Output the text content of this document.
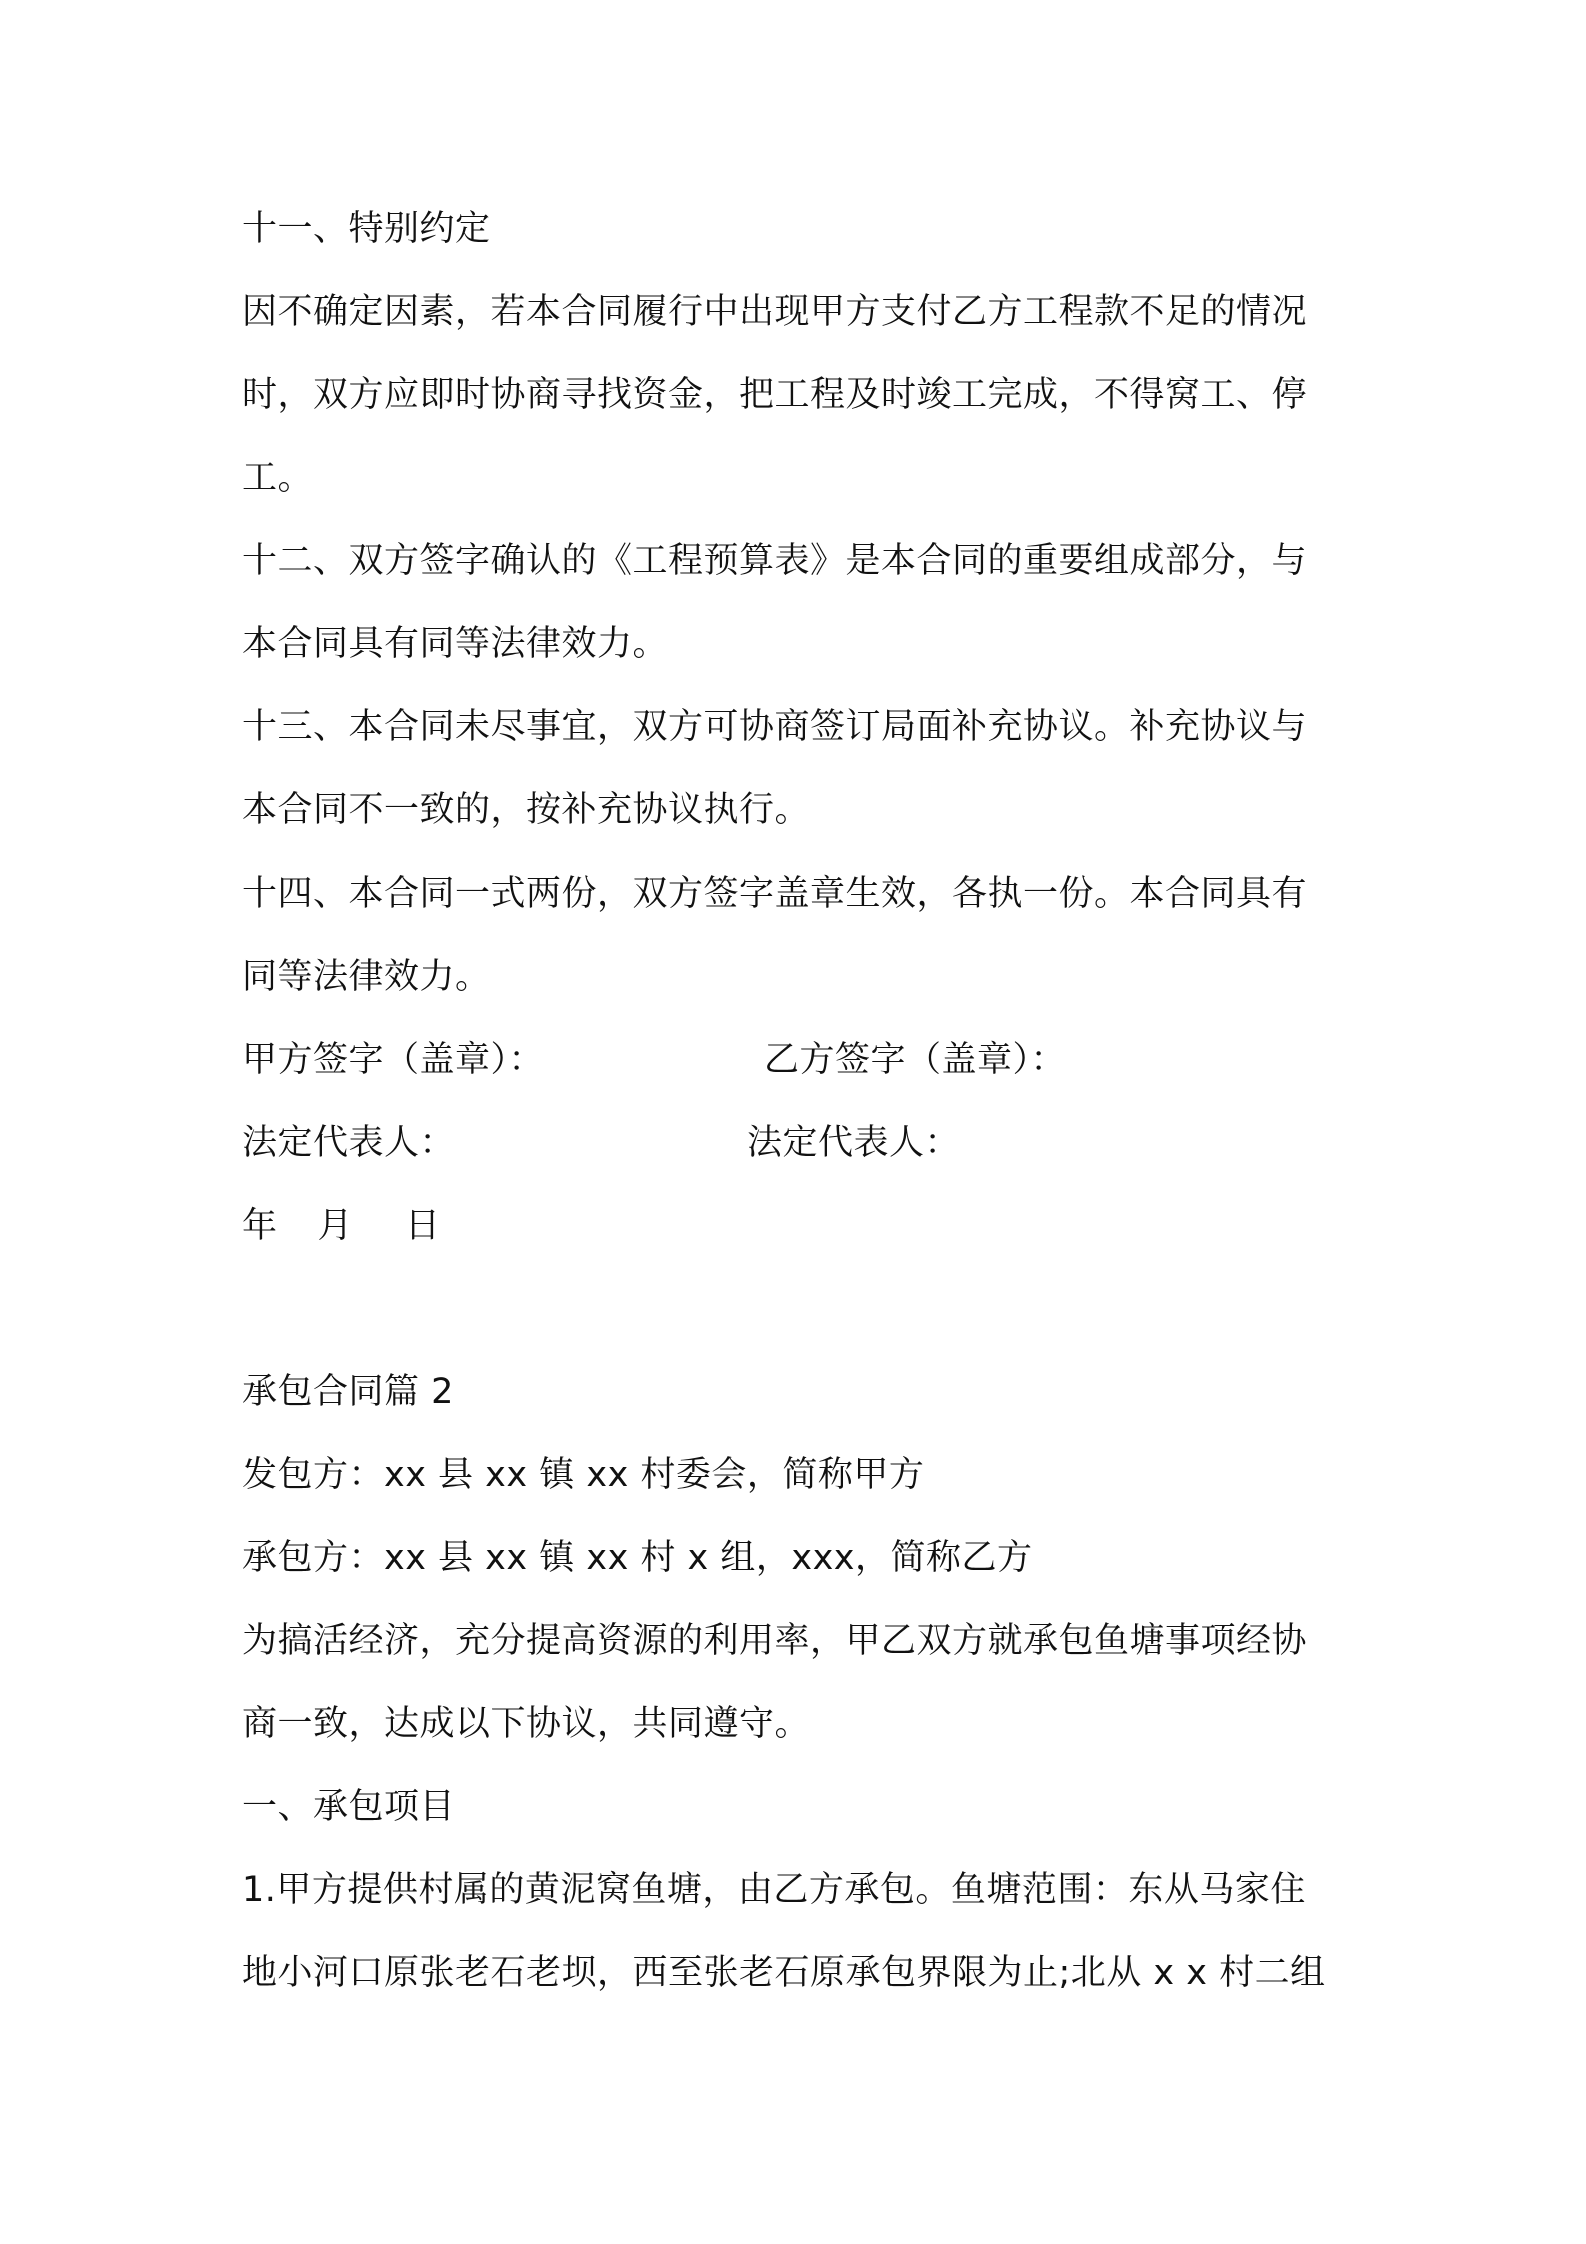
十一、特别约定
因不确定因素，若本合同履行中出现甲方支付乙方工程款不足的情况
时，双方应即时协商寻找资金，把工程及时竣工完成，不得窝工、停
工。
十二、双方签字确认的《工程预算表》是本合同的重要组成部分，与
本合同具有同等法律效力。
十三、本合同未尽事宜，双方可协商签订局面补充协议。补充协议与
本合同不一致的，按补充协议执行。
十四、本合同一式两份，双方签字盖章生效，各执一份。本合同具有
同等法律效力。
甲方签字（盖章）：	乙方签字（盖章）：
法定代表人：	法定代表人：
年 月 日
承包合同篇 2
发包方：xx 县 xx 镇 xx 村委会，简称甲方
承包方：xx 县 xx 镇 xx 村 x 组，xxx，简称乙方
为搞活经济，充分提高资源的利用率，甲乙双方就承包鱼塘事项经协
商一致，达成以下协议，共同遵守。
一、承包项目
1.甲方提供村属的黄泥窝鱼塘，由乙方承包。鱼塘范围：东从马家住
地小河口原张老石老坝，西至张老石原承包界限为止;北从 x x 村二组
